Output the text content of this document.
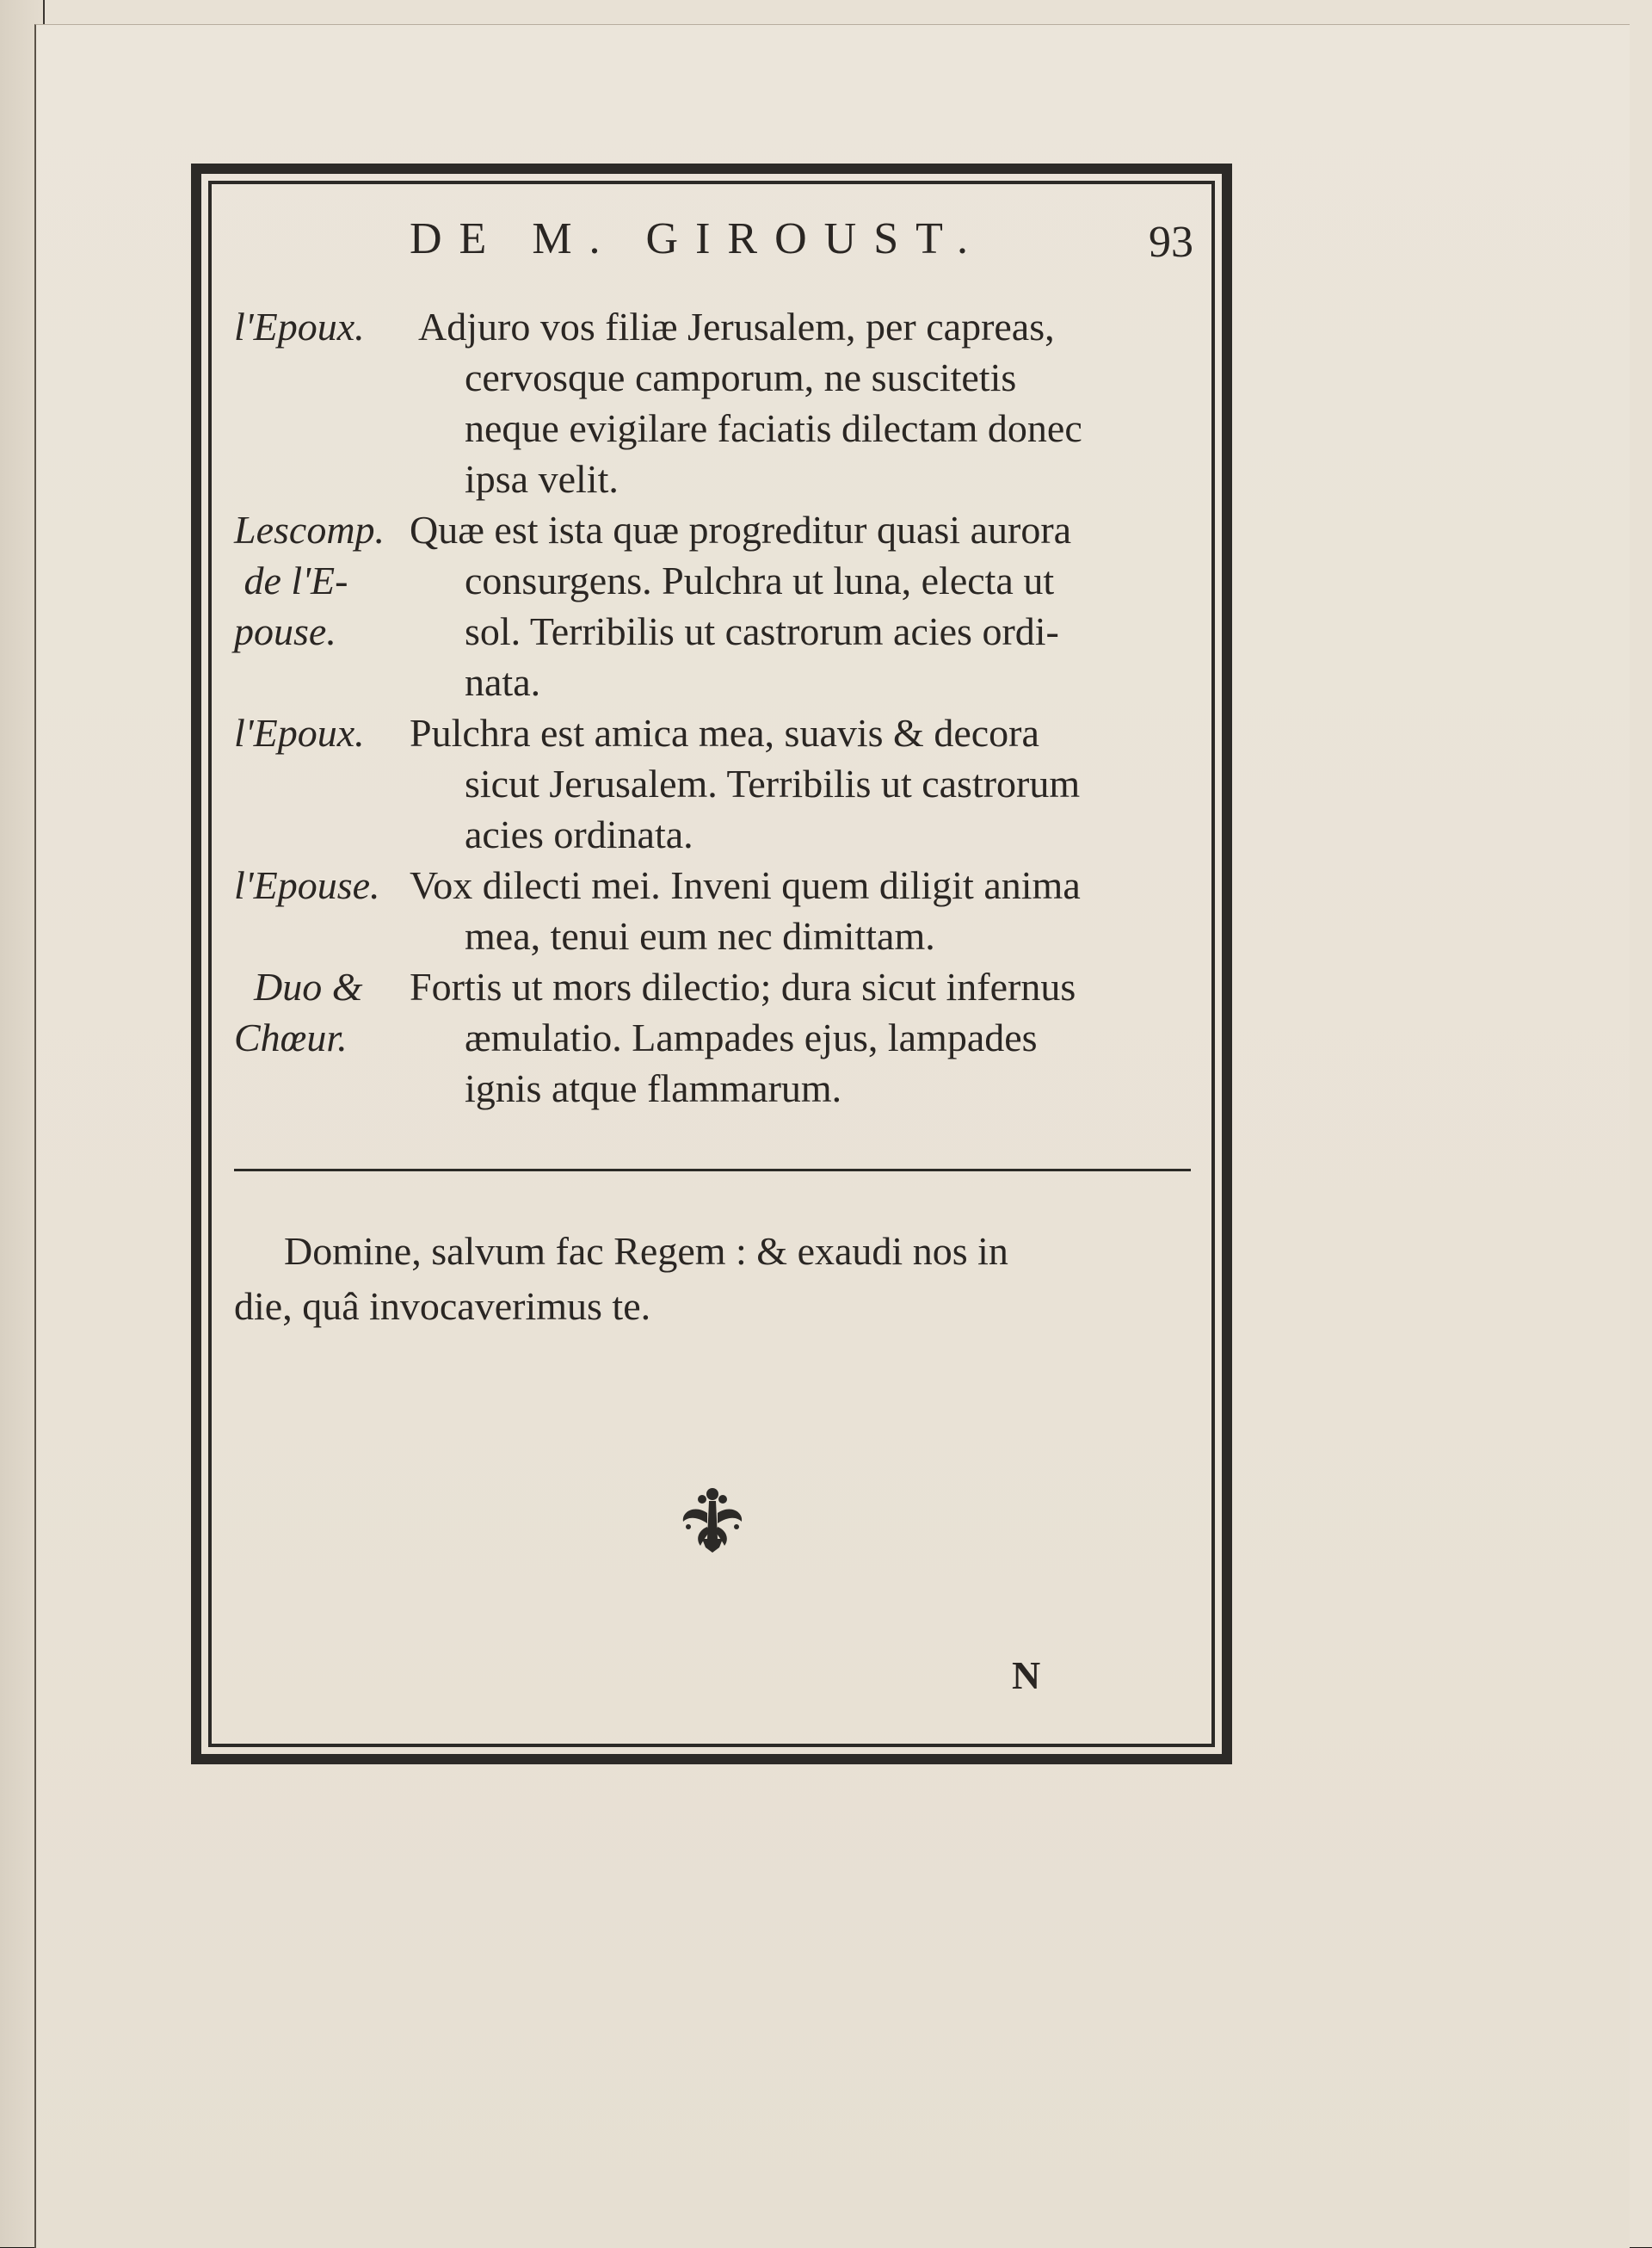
DE M. GIROUST.	93
l'Epoux. Adjuro vos filiæ Jerusalem, per capreas,
cervosque camporum, ne suscitetis
neque evigilare faciatis dilectam donec
ipsa velit.
Lescomp.
de l'E-
pouse.
Quæ est ista quæ progreditur quasi aurora
consurgens. Pulchra ut luna, electa ut
sol. Terribilis ut castrorum acies ordi-
nata.
l'Epoux. Pulchra est amica mea, suavis & decora
sicut Jerusalem. Terribilis ut castrorum
acies ordinata.
l'Epouse. Vox dilecti mei. Inveni quem diligit anima
mea, tenui eum nec dimittam.
Duo &
Chœur.
Fortis ut mors dilectio; dura sicut infernus
æmulatio. Lampades ejus, lampades
ignis atque flammarum.
Domine, salvum fac Regem : & exaudi nos in
die, quâ invocaverimus te.
N
